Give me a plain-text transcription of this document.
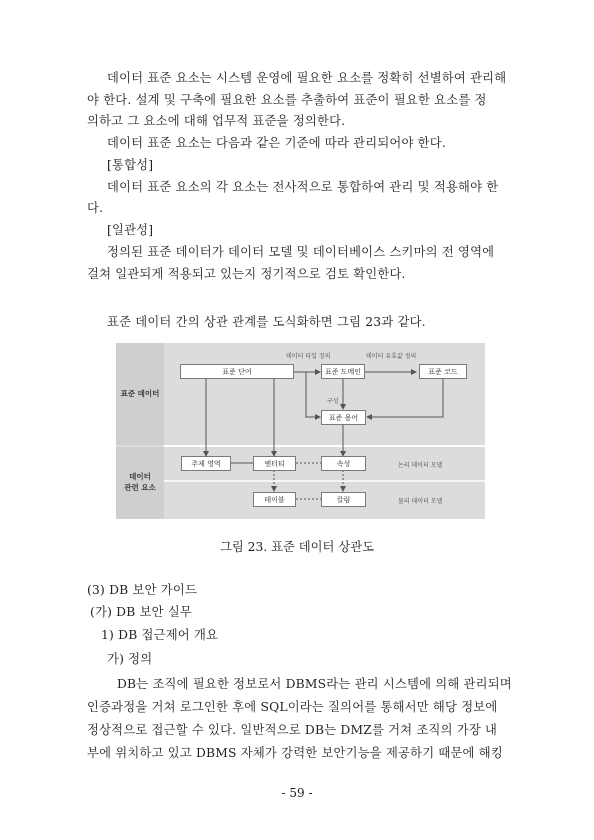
데이터 표준 요소는 시스템 운영에 필요한 요소를 정확히 선별하여 관리해
야 한다. 설계 및 구축에 필요한 요소를 추출하여 표준이 필요한 요소를 정
의하고 그 요소에 대해 업무적 표준을 정의한다.
데이터 표준 요소는 다음과 같은 기준에 따라 관리되어야 한다.
[통합성]
데이터 표준 요소의 각 요소는 전사적으로 통합하여 관리 및 적용해야 한
다.
[일관성]
정의된 표준 데이터가 데이터 모델 및 데이터베이스 스키마의 전 영역에
걸쳐 일관되게 적용되고 있는지 정기적으로 검토 확인한다.
표준 데이터 간의 상관 관계를 도식화하면 그림 23과 같다.
표준 데이터
데이터
관련 요소
데이터 타입 정의	데이터 유효값 정의
구성
논리 데이터 모델
물리 데이터 모델
표준 단어	표준 도메인	표준 코드
표준 용어
주제 영역	엔터티	속성
테이블	칼럼
그림 23. 표준 데이터 상관도
(3) DB 보안 가이드
(가) DB 보안 실무
1) DB 접근제어 개요
가) 정의
DB는 조직에 필요한 정보로서 DBMS라는 관리 시스템에 의해 관리되며
인증과정을 거쳐 로그인한 후에 SQL이라는 질의어를 통해서만 해당 정보에
정상적으로 접근할 수 있다. 일반적으로 DB는 DMZ를 거쳐 조직의 가장 내
부에 위치하고 있고 DBMS 자체가 강력한 보안기능을 제공하기 때문에 해킹
- 59 -
